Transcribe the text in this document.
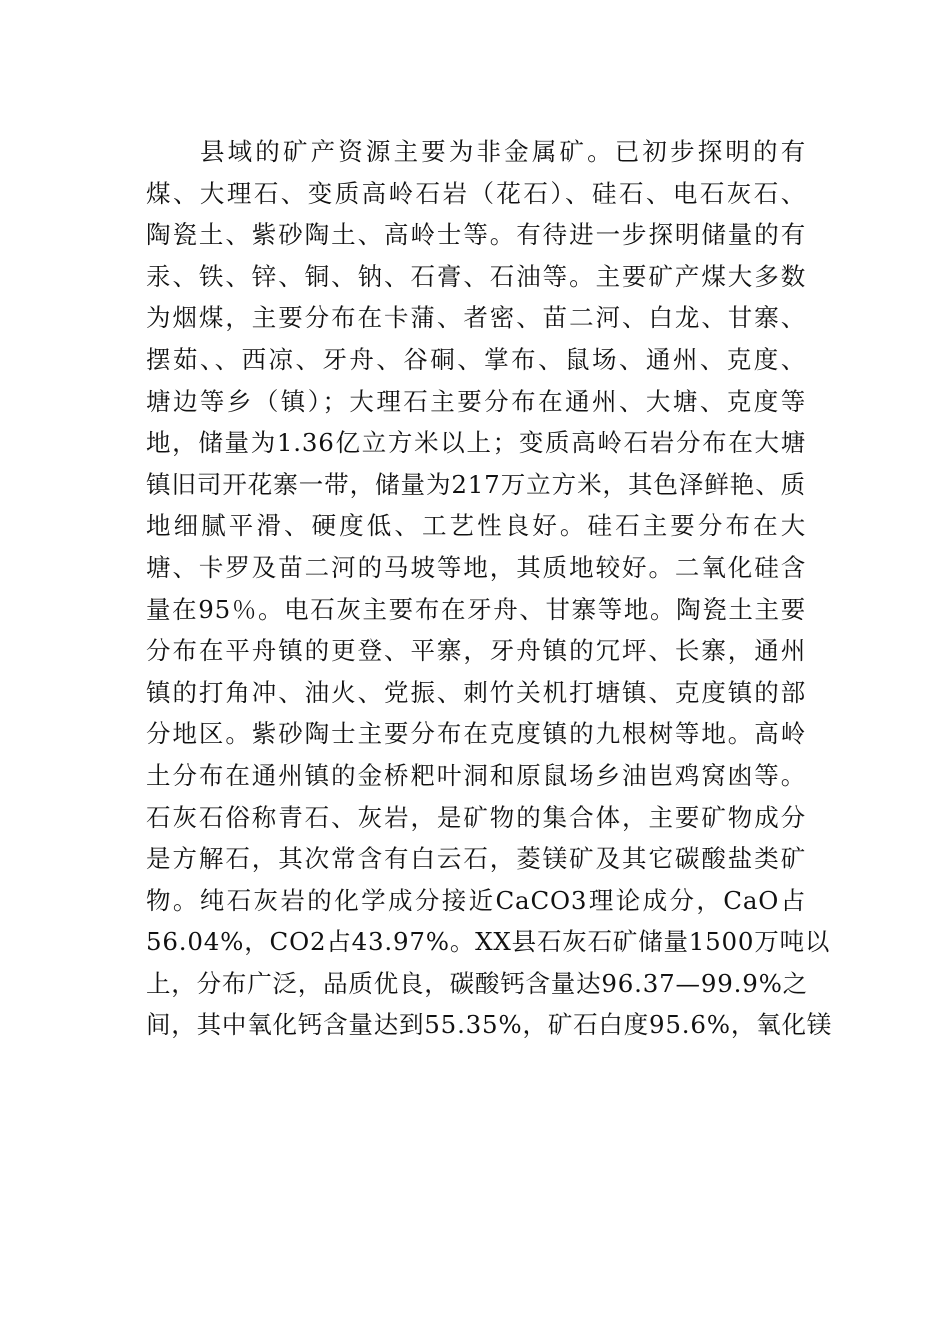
县域的矿产资源主要为非金属矿。已初步探明的有
煤、大理石、变质高岭石岩（花石）、硅石、电石灰石、
陶瓷土、紫砂陶土、高岭士等。有待进一步探明储量的有
汞、铁、锌、铜、钠、石膏、石油等。主要矿产煤大多数
为烟煤，主要分布在卡蒲、者密、苗二河、白龙、甘寨、
摆茹、、西凉、牙舟、谷硐、掌布、鼠场、通州、克度、
塘边等乡（镇）；大理石主要分布在通州、大塘、克度等
地，储量为1.36亿立方米以上；变质高岭石岩分布在大塘
镇旧司开花寨一带，储量为217万立方米，其色泽鲜艳、质
地细腻平滑、硬度低、工艺性良好。硅石主要分布在大
塘、卡罗及苗二河的马坡等地，其质地较好。二氧化硅含
量在95％。电石灰主要布在牙舟、甘寨等地。陶瓷土主要
分布在平舟镇的更登、平寨，牙舟镇的冗坪、长寨，通州
镇的打角冲、油火、党振、刺竹关机打塘镇、克度镇的部
分地区。紫砂陶士主要分布在克度镇的九根树等地。高岭
土分布在通州镇的金桥粑叶洞和原鼠场乡油岜鸡窝凼等。
石灰石俗称青石、灰岩，是矿物的集合体，主要矿物成分
是方解石，其次常含有白云石，菱镁矿及其它碳酸盐类矿
物。纯石灰岩的化学成分接近CaCO3理论成分，CaO占
56.04%，CO2占43.97%。XX县石灰石矿储量1500万吨以
上，分布广泛，品质优良，碳酸钙含量达96.37—99.9%之
间，其中氧化钙含量达到55.35%，矿石白度95.6%，氧化镁
